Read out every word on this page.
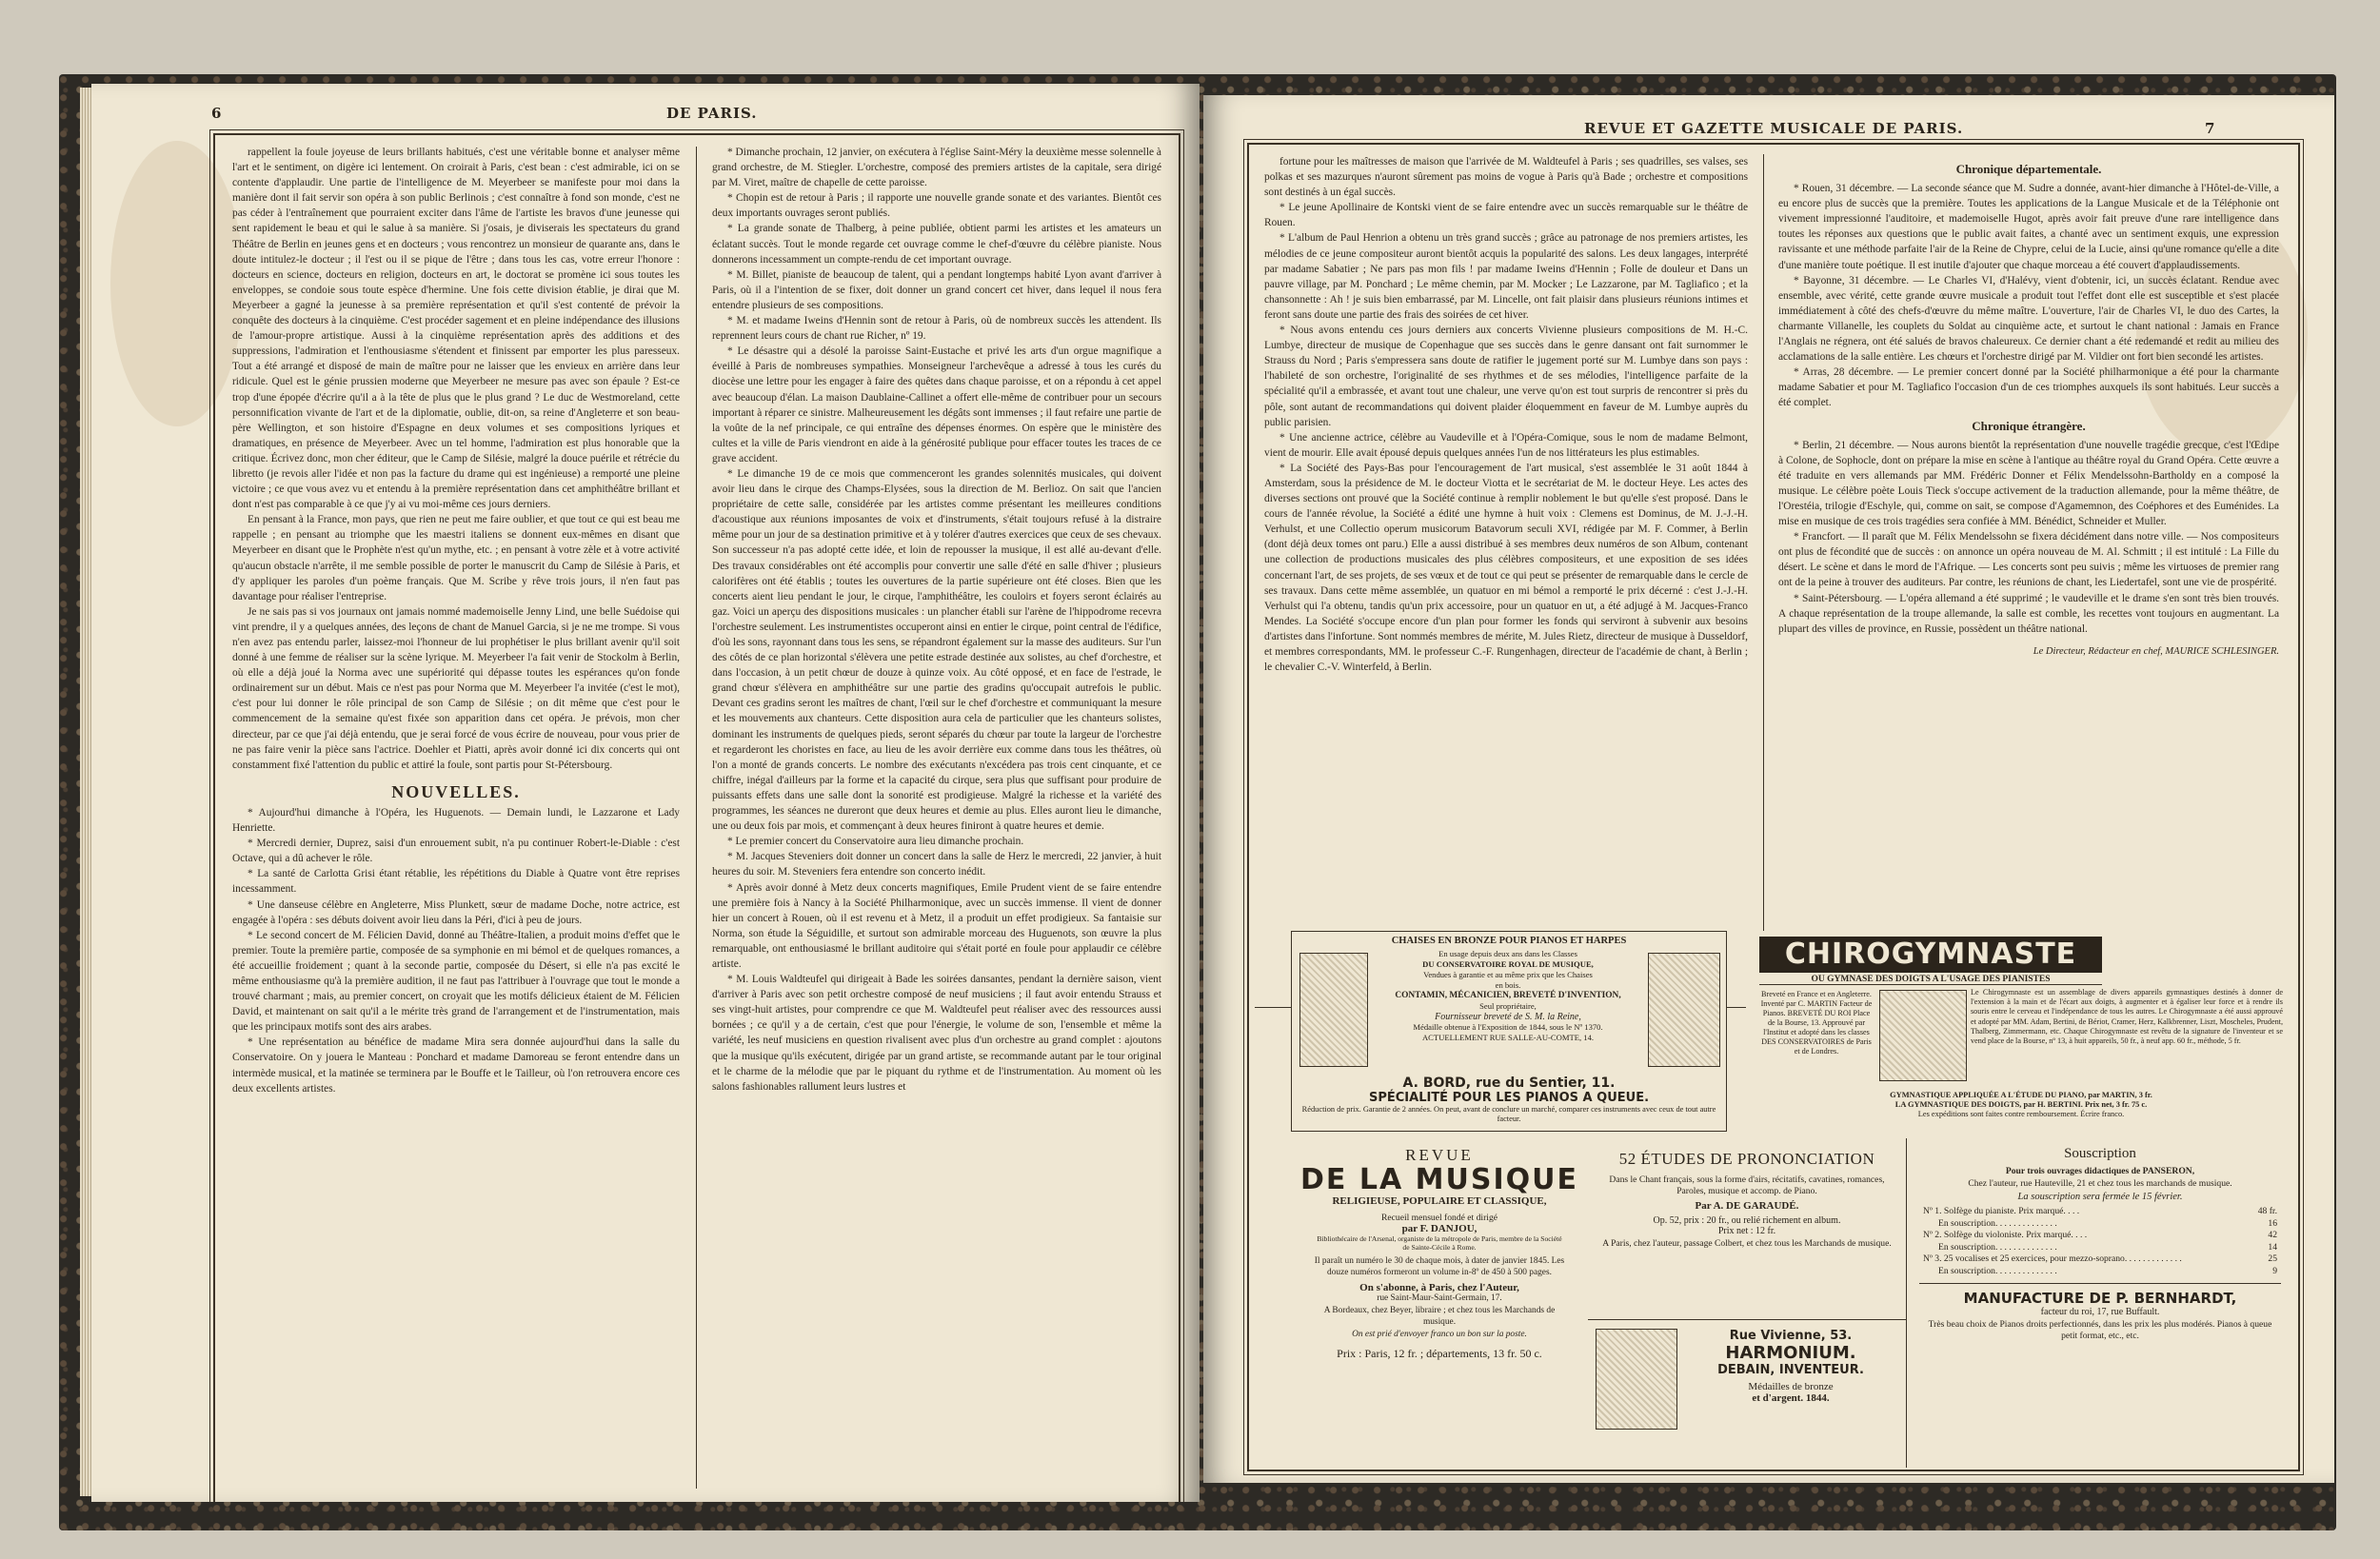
6	DE PARIS.

rappellent la foule joyeuse de leurs brillants habitués, c'est une véritable bonne et analyser même l'art et le sentiment, on digère ici lentement. On croirait à Paris, c'est bean : c'est admirable, ici on se contente d'applaudir. Une partie de l'intelligence de M. Meyerbeer se manifeste pour moi dans la manière dont il fait servir son opéra à son public Berlinois ; c'est connaître à fond son monde, c'est ne pas céder à l'entraînement que pourraient exciter dans l'âme de l'artiste les bravos d'une jeunesse qui sent rapidement le beau et qui le salue à sa manière. Si j'osais, je diviserais les spectateurs du grand Théâtre de Berlin en jeunes gens et en docteurs ; vous rencontrez un monsieur de quarante ans, dans le doute intitulez-le docteur ; il l'est ou il se pique de l'être ; dans tous les cas, votre erreur l'honore : docteurs en science, docteurs en religion, docteurs en art, le doctorat se promène ici sous toutes les enveloppes, se condoie sous toute espèce d'hermine. Une fois cette division établie, je dirai que M. Meyerbeer a gagné la jeunesse à sa première représentation et qu'il s'est contenté de prévoir la conquête des docteurs à la cinquième. C'est procéder sagement et en pleine indépendance des illusions de l'amour-propre artistique. Aussi à la cinquième représentation après des additions et des suppressions, l'admiration et l'enthousiasme s'étendent et finissent par emporter les plus paresseux. Tout a été arrangé et disposé de main de maître pour ne laisser que les envieux en arrière dans leur ridicule. Quel est le génie prussien moderne que Meyerbeer ne mesure pas avec son épaule ? Est-ce trop d'une épopée d'écrire qu'il a à la tête de plus que le plus grand ? Le duc de Westmoreland, cette personnification vivante de l'art et de la diplomatie, oublie, dit-on, sa reine d'Angleterre et son beau-père Wellington, et son histoire d'Espagne en deux volumes et ses compositions lyriques et dramatiques, en présence de Meyerbeer. Avec un tel homme, l'admiration est plus honorable que la critique. Écrivez donc, mon cher éditeur, que le Camp de Silésie, malgré la douce puérile et rétrécie du libretto (je revois aller l'idée et non pas la facture du drame qui est ingénieuse) a remporté une pleine victoire ; ce que vous avez vu et entendu à la première représentation dans cet amphithéâtre brillant et dont n'est pas comparable à ce que j'y ai vu moi-même ces jours derniers.

En pensant à la France, mon pays, que rien ne peut me faire oublier, et que tout ce qui est beau me rappelle ; en pensant au triomphe que les maestri italiens se donnent eux-mêmes en disant que Meyerbeer en disant que le Prophète n'est qu'un mythe, etc. ; en pensant à votre zèle et à votre activité qu'aucun obstacle n'arrête, il me semble possible de porter le manuscrit du Camp de Silésie à Paris, et d'y appliquer les paroles d'un poème français. Que M. Scribe y rêve trois jours, il n'en faut pas davantage pour réaliser l'entreprise.

Je ne sais pas si vos journaux ont jamais nommé mademoiselle Jenny Lind, une belle Suédoise qui vint prendre, il y a quelques années, des leçons de chant de Manuel Garcia, si je ne me trompe. Si vous n'en avez pas entendu parler, laissez-moi l'honneur de lui prophétiser le plus brillant avenir qu'il soit donné à une femme de réaliser sur la scène lyrique. M. Meyerbeer l'a fait venir de Stockolm à Berlin, où elle a déjà joué la Norma avec une supériorité qui dépasse toutes les espérances qu'on fonde ordinairement sur un début. Mais ce n'est pas pour Norma que M. Meyerbeer l'a invitée (c'est le mot), c'est pour lui donner le rôle principal de son Camp de Silésie ; on dit même que c'est pour le commencement de la semaine qu'est fixée son apparition dans cet opéra. Je prévois, mon cher directeur, par ce que j'ai déjà entendu, que je serai forcé de vous écrire de nouveau, pour vous prier de ne pas faire venir la pièce sans l'actrice. Doehler et Piatti, après avoir donné ici dix concerts qui ont constamment fixé l'attention du public et attiré la foule, sont partis pour St-Pétersbourg.

NOUVELLES.

* Aujourd'hui dimanche à l'Opéra, les Huguenots. — Demain lundi, le Lazzarone et Lady Henriette.

* Mercredi dernier, Duprez, saisi d'un enrouement subit, n'a pu continuer Robert-le-Diable : c'est Octave, qui a dû achever le rôle.

* La santé de Carlotta Grisi étant rétablie, les répétitions du Diable à Quatre vont être reprises incessamment.

* Une danseuse célèbre en Angleterre, Miss Plunkett, sœur de madame Doche, notre actrice, est engagée à l'opéra : ses débuts doivent avoir lieu dans la Péri, d'ici à peu de jours.

* Le second concert de M. Félicien David, donné au Théâtre-Italien, a produit moins d'effet que le premier. Toute la première partie, composée de sa symphonie en mi bémol et de quelques romances, a été accueillie froidement ; quant à la seconde partie, composée du Désert, si elle n'a pas excité le même enthousiasme qu'à la première audition, il ne faut pas l'attribuer à l'ouvrage que tout le monde a trouvé charmant ; mais, au premier concert, on croyait que les motifs délicieux étaient de M. Félicien David, et maintenant on sait qu'il a le mérite très grand de l'arrangement et de l'instrumentation, mais que les principaux motifs sont des airs arabes.

* Une représentation au bénéfice de madame Mira sera donnée aujourd'hui dans la salle du Conservatoire. On y jouera le Manteau : Ponchard et madame Damoreau se feront entendre dans un intermède musical, et la matinée se terminera par le Bouffe et le Tailleur, où l'on retrouvera encore ces deux excellents artistes.

* Dimanche prochain, 12 janvier, on exécutera à l'église Saint-Méry la deuxième messe solennelle à grand orchestre, de M. Stiegler. L'orchestre, composé des premiers artistes de la capitale, sera dirigé par M. Viret, maître de chapelle de cette paroisse.

* Chopin est de retour à Paris ; il rapporte une nouvelle grande sonate et des variantes. Bientôt ces deux importants ouvrages seront publiés.

* La grande sonate de Thalberg, à peine publiée, obtient parmi les artistes et les amateurs un éclatant succès. Tout le monde regarde cet ouvrage comme le chef-d'œuvre du célèbre pianiste. Nous donnerons incessamment un compte-rendu de cet important ouvrage.

* M. Billet, pianiste de beaucoup de talent, qui a pendant longtemps habité Lyon avant d'arriver à Paris, où il a l'intention de se fixer, doit donner un grand concert cet hiver, dans lequel il nous fera entendre plusieurs de ses compositions.

* M. et madame Iweins d'Hennin sont de retour à Paris, où de nombreux succès les attendent. Ils reprennent leurs cours de chant rue Richer, nº 19.

* Le désastre qui a désolé la paroisse Saint-Eustache et privé les arts d'un orgue magnifique a éveillé à Paris de nombreuses sympathies. Monseigneur l'archevêque a adressé à tous les curés du diocèse une lettre pour les engager à faire des quêtes dans chaque paroisse, et on a répondu à cet appel avec beaucoup d'élan. La maison Daublaine-Callinet a offert elle-même de contribuer pour un secours important à réparer ce sinistre. Malheureusement les dégâts sont immenses ; il faut refaire une partie de la voûte de la nef principale, ce qui entraîne des dépenses énormes. On espère que le ministère des cultes et la ville de Paris viendront en aide à la générosité publique pour effacer toutes les traces de ce grave accident.

* Le dimanche 19 de ce mois que commenceront les grandes solennités musicales, qui doivent avoir lieu dans le cirque des Champs-Elysées, sous la direction de M. Berlioz. On sait que l'ancien propriétaire de cette salle, considérée par les artistes comme présentant les meilleures conditions d'acoustique aux réunions imposantes de voix et d'instruments, s'était toujours refusé à la distraire même pour un jour de sa destination primitive et à y tolérer d'autres exercices que ceux de ses chevaux. Son successeur n'a pas adopté cette idée, et loin de repousser la musique, il est allé au-devant d'elle. Des travaux considérables ont été accomplis pour convertir une salle d'été en salle d'hiver ; plusieurs calorifères ont été établis ; toutes les ouvertures de la partie supérieure ont été closes. Bien que les concerts aient lieu pendant le jour, le cirque, l'amphithéâtre, les couloirs et foyers seront éclairés au gaz. Voici un aperçu des dispositions musicales : un plancher établi sur l'arène de l'hippodrome recevra l'orchestre seulement. Les instrumentistes occuperont ainsi en entier le cirque, point central de l'édifice, d'où les sons, rayonnant dans tous les sens, se répandront également sur la masse des auditeurs. Sur l'un des côtés de ce plan horizontal s'élèvera une petite estrade destinée aux solistes, au chef d'orchestre, et dans l'occasion, à un petit chœur de douze à quinze voix. Au côté opposé, et en face de l'estrade, le grand chœur s'élèvera en amphithéâtre sur une partie des gradins qu'occupait autrefois le public. Devant ces gradins seront les maîtres de chant, l'œil sur le chef d'orchestre et communiquant la mesure et les mouvements aux chanteurs. Cette disposition aura cela de particulier que les chanteurs solistes, dominant les instruments de quelques pieds, seront séparés du chœur par toute la largeur de l'orchestre et regarderont les choristes en face, au lieu de les avoir derrière eux comme dans tous les théâtres, où l'on a monté de grands concerts. Le nombre des exécutants n'excédera pas trois cent cinquante, et ce chiffre, inégal d'ailleurs par la forme et la capacité du cirque, sera plus que suffisant pour produire de puissants effets dans une salle dont la sonorité est prodigieuse. Malgré la richesse et la variété des programmes, les séances ne dureront que deux heures et demie au plus. Elles auront lieu le dimanche, une ou deux fois par mois, et commençant à deux heures finiront à quatre heures et demie.

* Le premier concert du Conservatoire aura lieu dimanche prochain.

* M. Jacques Steveniers doit donner un concert dans la salle de Herz le mercredi, 22 janvier, à huit heures du soir. M. Steveniers fera entendre son concerto inédit.

* Après avoir donné à Metz deux concerts magnifiques, Emile Prudent vient de se faire entendre une première fois à Nancy à la Société Philharmonique, avec un succès immense. Il vient de donner hier un concert à Rouen, où il est revenu et à Metz, il a produit un effet prodigieux. Sa fantaisie sur Norma, son étude la Séguidille, et surtout son admirable morceau des Huguenots, son œuvre la plus remarquable, ont enthousiasmé le brillant auditoire qui s'était porté en foule pour applaudir ce célèbre artiste.

* M. Louis Waldteufel qui dirigeait à Bade les soirées dansantes, pendant la dernière saison, vient d'arriver à Paris avec son petit orchestre composé de neuf musiciens ; il faut avoir entendu Strauss et ses vingt-huit artistes, pour comprendre ce que M. Waldteufel peut réaliser avec des ressources aussi bornées ; ce qu'il y a de certain, c'est que pour l'énergie, le volume de son, l'ensemble et même la variété, les neuf musiciens en question rivalisent avec plus d'un orchestre au grand complet : ajoutons que la musique qu'ils exécutent, dirigée par un grand artiste, se recommande autant par le tour original et le charme de la mélodie que par le piquant du rythme et de l'instrumentation. Au moment où les salons fashionables rallument leurs lustres et

REVUE ET GAZETTE MUSICALE DE PARIS.	7

fortune pour les maîtresses de maison que l'arrivée de M. Waldteufel à Paris ; ses quadrilles, ses valses, ses polkas et ses mazurques n'auront sûrement pas moins de vogue à Paris qu'à Bade ; orchestre et compositions sont destinés à un égal succès.

* Le jeune Apollinaire de Kontski vient de se faire entendre avec un succès remarquable sur le théâtre de Rouen.

* L'album de Paul Henrion a obtenu un très grand succès ; grâce au patronage de nos premiers artistes, les mélodies de ce jeune compositeur auront bientôt acquis la popularité des salons. Les deux langages, interprété par madame Sabatier ; Ne pars pas mon fils ! par madame Iweins d'Hennin ; Folle de douleur et Dans un pauvre village, par M. Ponchard ; Le même chemin, par M. Mocker ; Le Lazzarone, par M. Tagliafico ; et la chansonnette : Ah ! je suis bien embarrassé, par M. Lincelle, ont fait plaisir dans plusieurs réunions intimes et feront sans doute une partie des frais des soirées de cet hiver.

* Nous avons entendu ces jours derniers aux concerts Vivienne plusieurs compositions de M. H.-C. Lumbye, directeur de musique de Copenhague que ses succès dans le genre dansant ont fait surnommer le Strauss du Nord ; Paris s'empressera sans doute de ratifier le jugement porté sur M. Lumbye dans son pays : l'habileté de son orchestre, l'originalité de ses rhythmes et de ses mélodies, l'intelligence parfaite de la spécialité qu'il a embrassée, et avant tout une chaleur, une verve qu'on est tout surpris de rencontrer si près du pôle, sont autant de recommandations qui doivent plaider éloquemment en faveur de M. Lumbye auprès du public parisien.

* Une ancienne actrice, célèbre au Vaudeville et à l'Opéra-Comique, sous le nom de madame Belmont, vient de mourir. Elle avait épousé depuis quelques années l'un de nos littérateurs les plus estimables.

* La Société des Pays-Bas pour l'encouragement de l'art musical, s'est assemblée le 31 août 1844 à Amsterdam, sous la présidence de M. le docteur Viotta et le secrétariat de M. le docteur Heye. Les actes des diverses sections ont prouvé que la Société continue à remplir noblement le but qu'elle s'est proposé. Dans le cours de l'année révolue, la Société a édité une hymne à huit voix : Clemens est Dominus, de M. J.-J.-H. Verhulst, et une Collectio operum musicorum Batavorum seculi XVI, rédigée par M. F. Commer, à Berlin (dont déjà deux tomes ont paru.) Elle a aussi distribué à ses membres deux numéros de son Album, contenant une collection de productions musicales des plus célèbres compositeurs, et une exposition de ses idées concernant l'art, de ses projets, de ses vœux et de tout ce qui peut se présenter de remarquable dans le cercle de ses travaux. Dans cette même assemblée, un quatuor en mi bémol a remporté le prix décerné : c'est J.-J.-H. Verhulst qui l'a obtenu, tandis qu'un prix accessoire, pour un quatuor en ut, a été adjugé à M. Jacques-Franco Mendes. La Société s'occupe encore d'un plan pour former les fonds qui serviront à subvenir aux besoins d'artistes dans l'infortune. Sont nommés membres de mérite, M. Jules Rietz, directeur de musique à Dusseldorf, et membres correspondants, MM. le professeur C.-F. Rungenhagen, directeur de l'académie de chant, à Berlin ; le chevalier C.-V. Winterfeld, à Berlin.

Chronique départementale.

* Rouen, 31 décembre. — La seconde séance que M. Sudre a donnée, avant-hier dimanche à l'Hôtel-de-Ville, a eu encore plus de succès que la première. Toutes les applications de la Langue Musicale et de la Téléphonie ont vivement impressionné l'auditoire, et mademoiselle Hugot, après avoir fait preuve d'une rare intelligence dans toutes les réponses aux questions que le public avait faites, a chanté avec un sentiment exquis, une expression ravissante et une méthode parfaite l'air de la Reine de Chypre, celui de la Lucie, ainsi qu'une romance qu'elle a dite d'une manière toute poétique. Il est inutile d'ajouter que chaque morceau a été couvert d'applaudissements.

* Bayonne, 31 décembre. — Le Charles VI, d'Halévy, vient d'obtenir, ici, un succès éclatant. Rendue avec ensemble, avec vérité, cette grande œuvre musicale a produit tout l'effet dont elle est susceptible et s'est placée immédiatement à côté des chefs-d'œuvre du même maître. L'ouverture, l'air de Charles VI, le duo des Cartes, la charmante Villanelle, les couplets du Soldat au cinquième acte, et surtout le chant national : Jamais en France l'Anglais ne régnera, ont été salués de bravos chaleureux. Ce dernier chant a été redemandé et redit au milieu des acclamations de la salle entière. Les chœurs et l'orchestre dirigé par M. Vildier ont fort bien secondé les artistes.

* Arras, 28 décembre. — Le premier concert donné par la Société philharmonique a été pour la charmante madame Sabatier et pour M. Tagliafico l'occasion d'un de ces triomphes auxquels ils sont habitués. Leur succès a été complet.

Chronique étrangère.

* Berlin, 21 décembre. — Nous aurons bientôt la représentation d'une nouvelle tragédie grecque, c'est l'Œdipe à Colone, de Sophocle, dont on prépare la mise en scène à l'antique au théâtre royal du Grand Opéra. Cette œuvre a été traduite en vers allemands par MM. Frédéric Donner et Félix Mendelssohn-Bartholdy en a composé la musique. Le célèbre poète Louis Tieck s'occupe activement de la traduction allemande, pour la même théâtre, de l'Orestéia, trilogie d'Eschyle, qui, comme on sait, se compose d'Agamemnon, des Coéphores et des Euménides. La mise en musique de ces trois tragédies sera confiée à MM. Bénédict, Schneider et Muller.

* Francfort. — Il paraît que M. Félix Mendelssohn se fixera décidément dans notre ville. — Nos compositeurs ont plus de fécondité que de succès : on annonce un opéra nouveau de M. Al. Schmitt ; il est intitulé : La Fille du désert. Le scène et dans le mord de l'Afrique. — Les concerts sont peu suivis ; même les virtuoses de premier rang ont de la peine à trouver des auditeurs. Par contre, les réunions de chant, les Liedertafel, sont une vie de prospérité.

* Saint-Pétersbourg. — L'opéra allemand a été supprimé ; le vaudeville et le drame s'en sont très bien trouvés. A chaque représentation de la troupe allemande, la salle est comble, les recettes vont toujours en augmentant. La plupart des villes de province, en Russie, possèdent un théâtre national.

Le Directeur, Rédacteur en chef, MAURICE SCHLESINGER.
CHAISES EN BRONZE POUR PIANOS ET HARPES
En usage depuis deux ans dans les Classes
DU CONSERVATOIRE ROYAL DE MUSIQUE,
Vendues à garantie et au même prix que les Chaises
en bois.
CONTAMIN, MÉCANICIEN, BREVETÉ D'INVENTION,
Seul propriétaire,
Fournisseur breveté de S. M. la Reine,
Médaille obtenue à l'Exposition de 1844, sous le Nº 1370.
ACTUELLEMENT RUE SALLE-AU-COMTE, 14.
A. BORD, rue du Sentier, 11.
SPÉCIALITÉ POUR LES PIANOS A QUEUE.
Réduction de prix. Garantie de 2 années. On peut, avant de conclure un marché, comparer ces instruments avec ceux de tout autre facteur.
CHIROGYMNASTE
OU GYMNASE DES DOIGTS A L'USAGE DES PIANISTES
Breveté en France et en Angleterre. Inventé par C. MARTIN Facteur de Pianos. BREVETÉ DU ROI Place de la Bourse, 13. Approuvé par l'Institut et adopté dans les classes DES CONSERVATOIRES de Paris et de Londres.
Le Chirogymnaste est un assemblage de divers appareils gymnastiques destinés à donner de l'extension à la main et de l'écart aux doigts, à augmenter et à égaliser leur force et à rendre ils souris entre le cerveau et l'indépendance de tous les autres. Le Chirogymnaste a été aussi approuvé et adopté par MM. Adam, Bertini, de Bériot, Cramer, Herz, Kalkbrenner, Liszt, Moscheles, Prudent, Thalberg, Zimmermann, etc. Chaque Chirogymnaste est revêtu de la signature de l'inventeur et se vend place de la Bourse, nº 13, à huit appareils, 50 fr., à neuf app. 60 fr., méthode, 5 fr.
GYMNASTIQUE APPLIQUÉE A L'ÉTUDE DU PIANO, par MARTIN, 3 fr.
LA GYMNASTIQUE DES DOIGTS, par H. BERTINI. Prix net, 3 fr. 75 c.
Les expéditions sont faites contre remboursement. Écrire franco.
REVUE
DE LA MUSIQUE
RELIGIEUSE, POPULAIRE ET CLASSIQUE,
Recueil mensuel fondé et dirigé
par F. DANJOU,
Bibliothécaire de l'Arsenal, organiste de la métropole de Paris, membre de la Société de Sainte-Cécile à Rome.
Il paraît un numéro le 30 de chaque mois, à dater de janvier 1845. Les douze numéros formeront un volume in-8º de 450 à 500 pages.
On s'abonne, à Paris, chez l'Auteur,
rue Saint-Maur-Saint-Germain, 17.
A Bordeaux, chez Beyer, libraire ; et chez tous les Marchands de musique.
On est prié d'envoyer franco un bon sur la poste.
Prix : Paris, 12 fr. ; départements, 13 fr. 50 c.
52 ÉTUDES DE PRONONCIATION
Dans le Chant français, sous la forme d'airs, récitatifs, cavatines, romances,
Paroles, musique et accomp. de Piano.
Par A. DE GARAUDÉ.
Op. 52, prix : 20 fr., ou relié richement en album.
Prix net : 12 fr.
A Paris, chez l'auteur, passage Colbert, et chez tous les Marchands de musique.
Rue Vivienne, 53.
HARMONIUM.
DEBAIN, INVENTEUR.
Médailles de bronze
et d'argent. 1844.
Souscription
Pour trois ouvrages didactiques de PANSERON,
Chez l'auteur, rue Hauteville, 21 et chez tous les marchands de musique.
La souscription sera fermée le 15 février.
Nº 1. Solfège du pianiste. Prix marqué. . . .	48 fr.
En souscription. . . . . . . . . . . . . .	16
Nº 2. Solfège du violoniste. Prix marqué. . . .	42
En souscription. . . . . . . . . . . . . .	14
Nº 3. 25 vocalises et 25 exercices, pour mezzo-soprano. . . . . . . . . . . . .	25
En souscription. . . . . . . . . . . . . .	9
MANUFACTURE DE P. BERNHARDT,
facteur du roi, 17, rue Buffault.
Très beau choix de Pianos droits perfectionnés, dans les prix les plus modérés. Pianos à queue petit format, etc., etc.
